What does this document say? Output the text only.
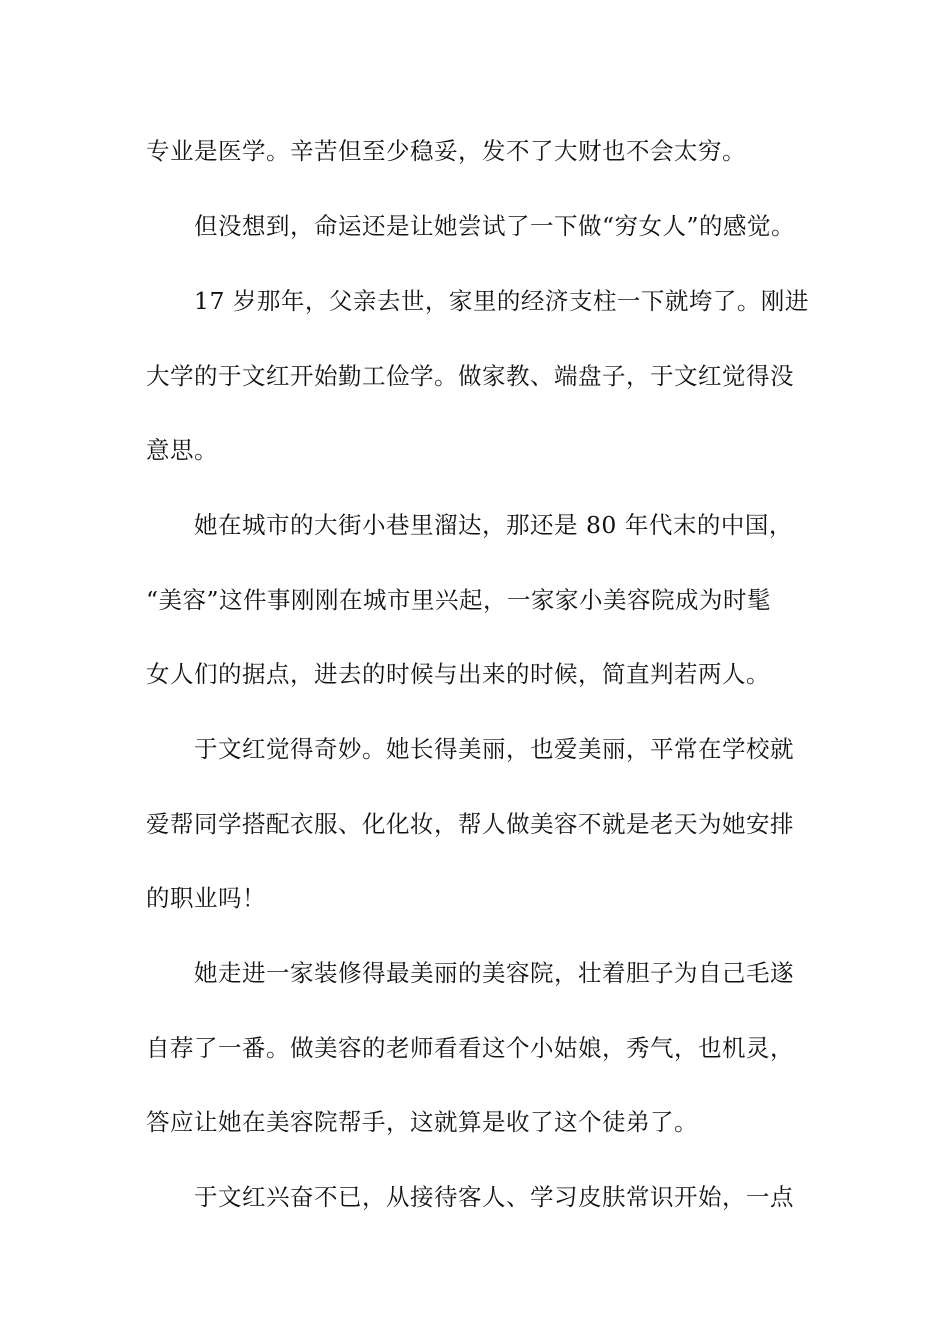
专业是医学。辛苦但至少稳妥，发不了大财也不会太穷。
但没想到，命运还是让她尝试了一下做“穷女人”的感觉。
17 岁那年，父亲去世，家里的经济支柱一下就垮了。刚进
大学的于文红开始勤工俭学。做家教、端盘子，于文红觉得没
意思。
她在城市的大街小巷里溜达，那还是 80 年代末的中国，
“美容”这件事刚刚在城市里兴起，一家家小美容院成为时髦
女人们的据点，进去的时候与出来的时候，简直判若两人。
于文红觉得奇妙。她长得美丽，也爱美丽，平常在学校就
爱帮同学搭配衣服、化化妆，帮人做美容不就是老天为她安排
的职业吗！
她走进一家装修得最美丽的美容院，壮着胆子为自己毛遂
自荐了一番。做美容的老师看看这个小姑娘，秀气，也机灵，
答应让她在美容院帮手，这就算是收了这个徒弟了。
于文红兴奋不已，从接待客人、学习皮肤常识开始，一点
